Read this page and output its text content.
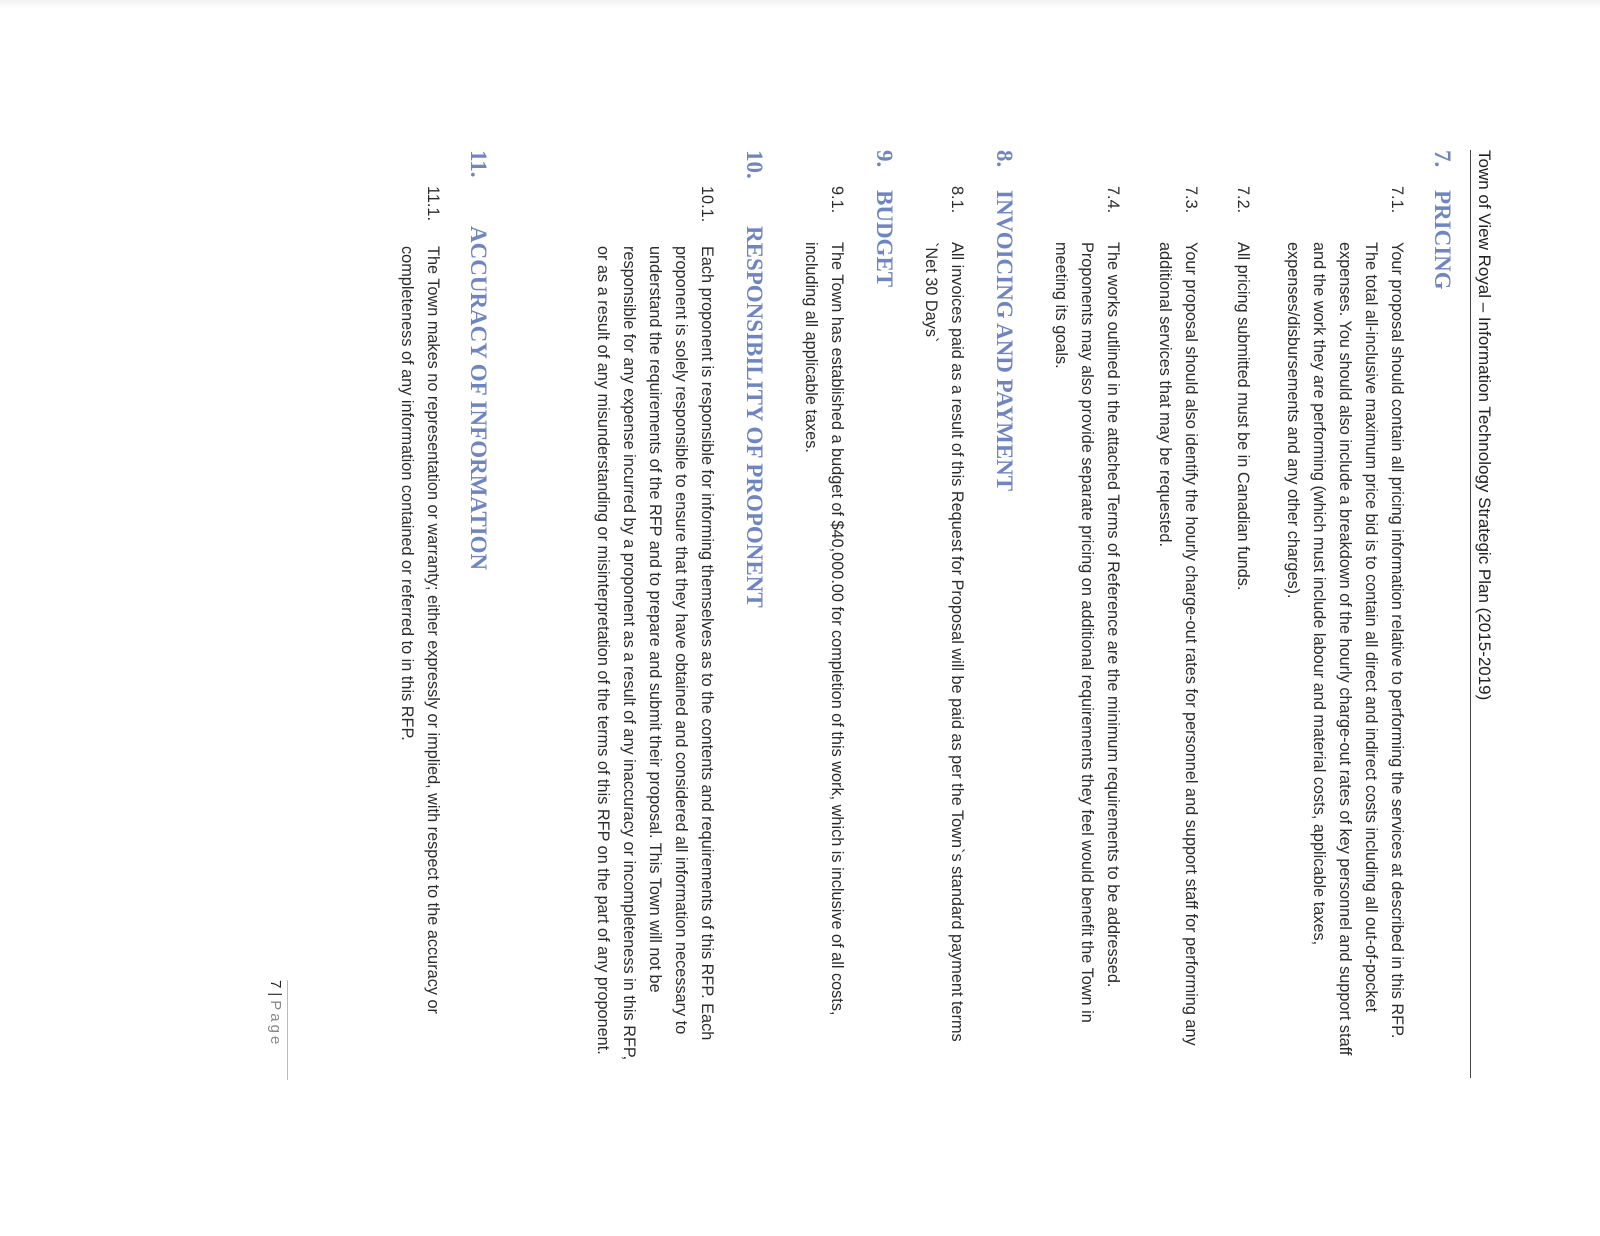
Town of View Royal – Information Technology Strategic Plan (2015-2019)
7.
PRICING
7.1.
Your proposal should contain all pricing information relative to performing the services at described in this RFP. The total all-inclusive maximum price bid is to contain all direct and indirect costs including all out-of-pocket expenses. You should also include a breakdown of the hourly charge-out rates of key personnel and support staff and the work they are performing (which must include labour and material costs, applicable taxes, expenses/disbursements and any other charges).
7.2.
All pricing submitted must be in Canadian funds.
7.3.
Your proposal should also identify the hourly charge-out rates for personnel and support staff for performing any additional services that may be requested.
7.4.
The works outlined in the attached Terms of Reference are the minimum requirements to be addressed. Proponents may also provide separate pricing on additional requirements they feel would benefit the Town in meeting its goals.
8.
INVOICING AND PAYMENT
8.1.
All invoices paid as a result of this Request for Proposal will be paid as per the Town`s standard payment terms `Net 30 Days`
9.
BUDGET
9.1.
The Town has established a budget of $40,000.00 for completion of this work, which is inclusive of all costs, including all applicable taxes.
10.
RESPONSIBILITY OF PROPONENT
10.1.
Each proponent is responsible for informing themselves as to the contents and requirements of this RFP. Each proponent is solely responsible to ensure that they have obtained and considered all information necessary to understand the requirements of the RFP and to prepare and submit their proposal. This Town will not be responsible for any expense incurred by a proponent as a result of any inaccuracy or incompleteness in this RFP, or as a result of any misunderstanding or misinterpretation of the terms of this RFP on the part of any proponent.
11.
ACCURACY OF INFORMATION
11.1.
The Town makes no representation or warranty; either expressly or implied, with respect to the accuracy or completeness of any information contained or referred to in this RFP.
7|Page
